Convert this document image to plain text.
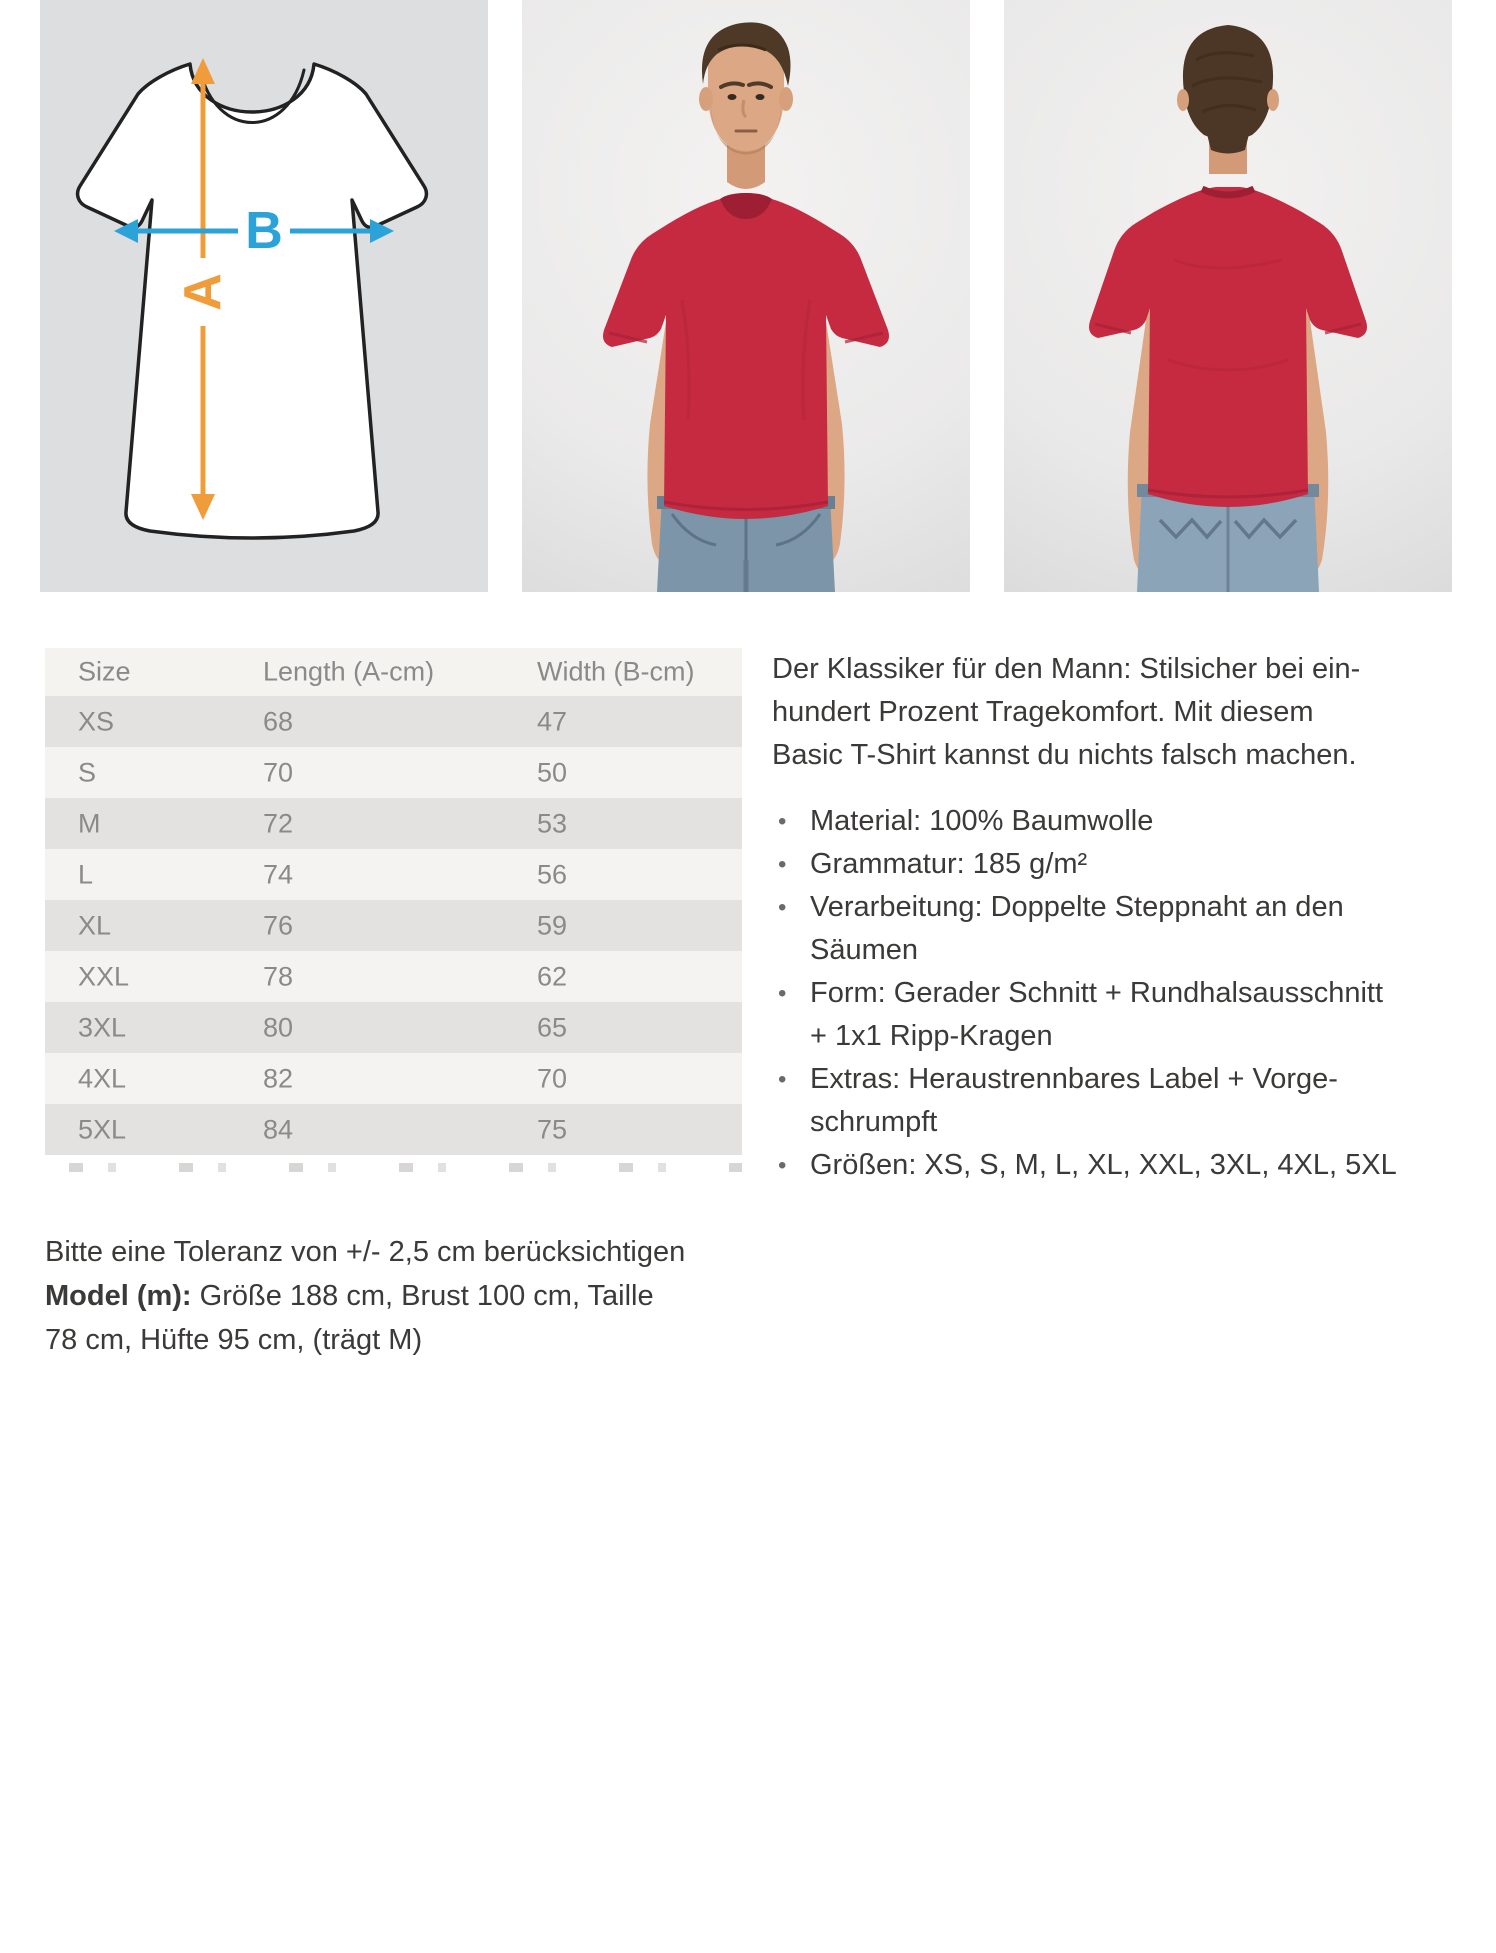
A
B
Size	Length (A-cm)	Width (B-cm)
XS	68	47
S	70	50
M	72	53
L	74	56
XL	76	59
XXL	78	62
3XL	80	65
4XL	82	70
5XL	84	75
Der Klassiker für den Mann: Stilsicher bei ein-
hundert Prozent Tragekomfort. Mit diesem
Basic T-Shirt kannst du nichts falsch machen.
• Material: 100% Baumwolle
• Grammatur: 185 g/m²
• Verarbeitung: Doppelte Steppnaht an den
Säumen
• Form: Gerader Schnitt + Rundhalsausschnitt
+ 1x1 Ripp-Kragen
• Extras: Heraustrennbares Label + Vorge-
schrumpft
• Größen: XS, S, M, L, XL, XXL, 3XL, 4XL, 5XL
Bitte eine Toleranz von +/- 2,5 cm berücksichtigen
Model (m): Größe 188 cm, Brust 100 cm, Taille
78 cm, Hüfte 95 cm, (trägt M)
